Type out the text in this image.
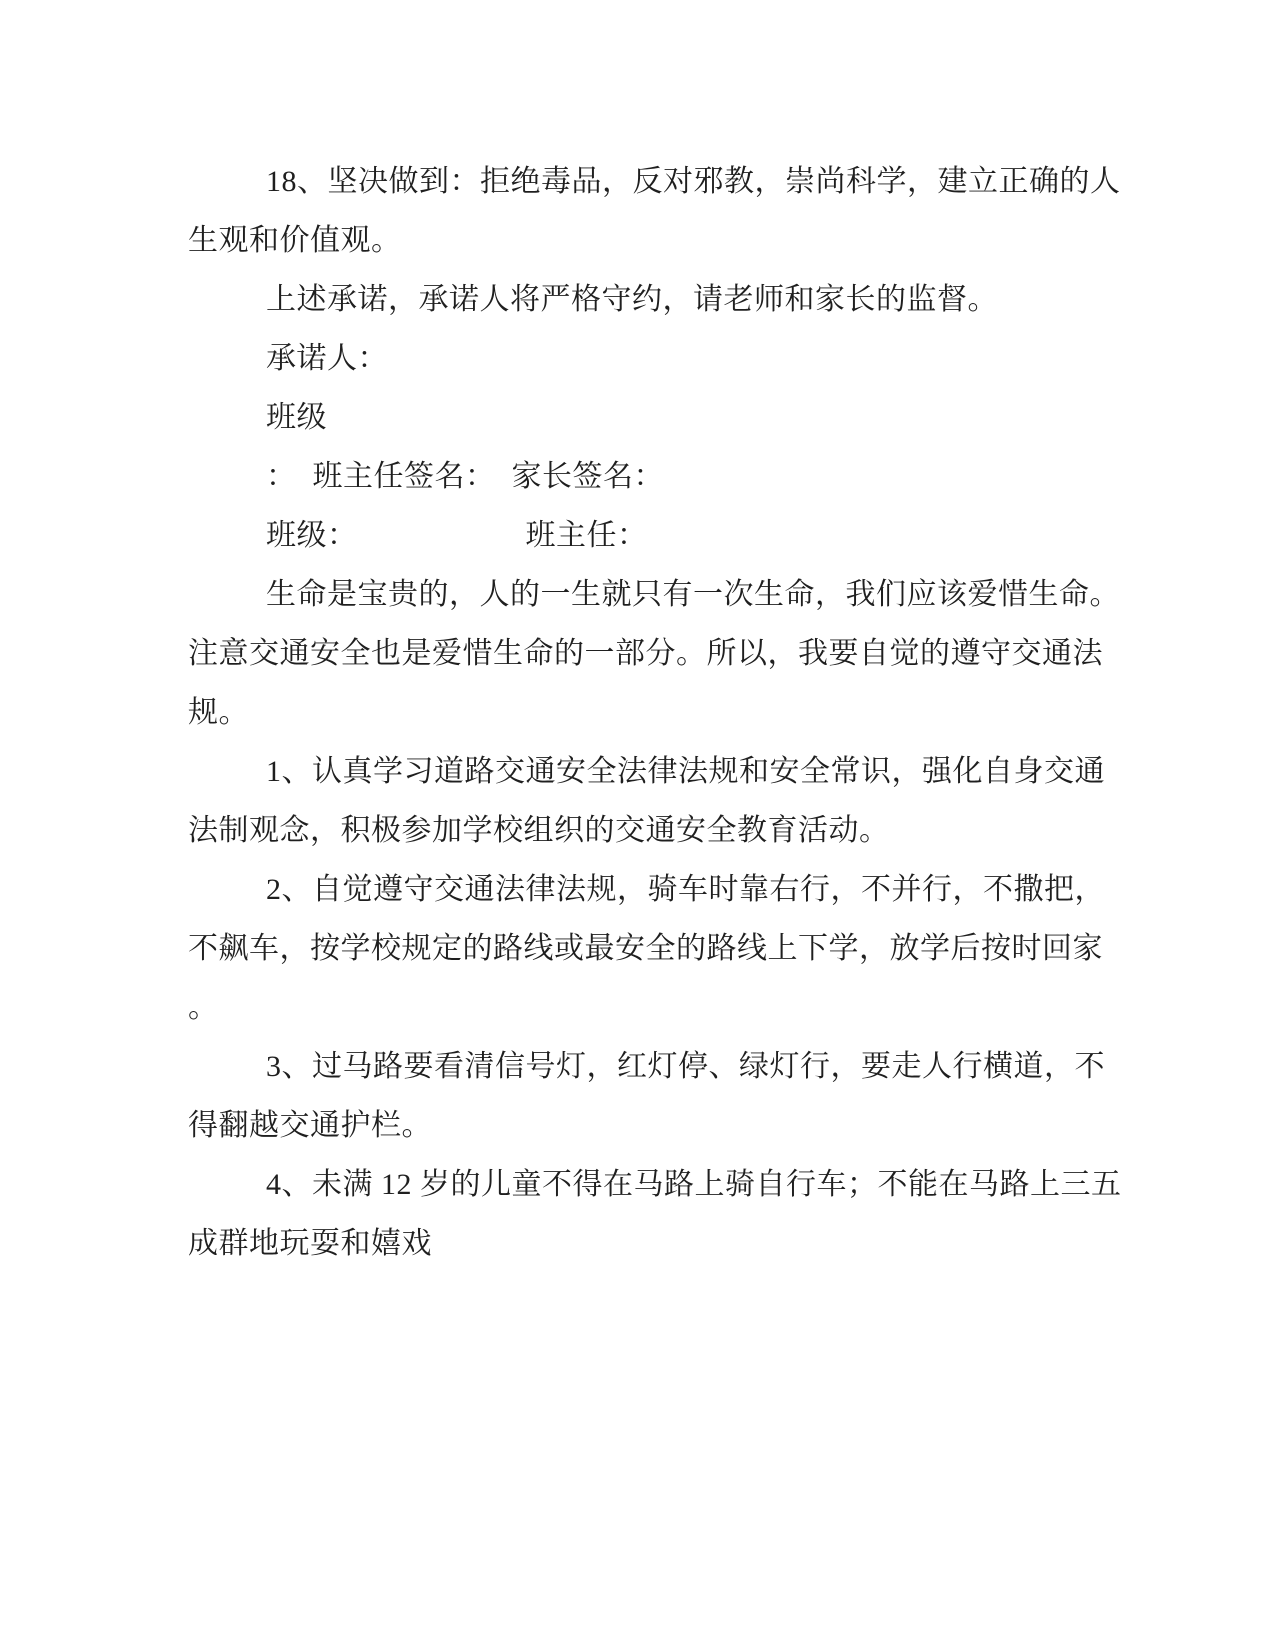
18、坚决做到：拒绝毒品，反对邪教，崇尚科学，建立正确的人
生观和价值观。
上述承诺，承诺人将严格守约，请老师和家长的监督。
承诺人：
班级
：  班主任签名：  家长签名：
班级：　　　　　　班主任：
生命是宝贵的，人的一生就只有一次生命，我们应该爱惜生命。
注意交通安全也是爱惜生命的一部分。所以，我要自觉的遵守交通法
规。
1、认真学习道路交通安全法律法规和安全常识，强化自身交通
法制观念，积极参加学校组织的交通安全教育活动。
2、自觉遵守交通法律法规，骑车时靠右行，不并行，不撒把，
不飙车，按学校规定的路线或最安全的路线上下学，放学后按时回家
。
3、过马路要看清信号灯，红灯停、绿灯行，要走人行横道，不
得翻越交通护栏。
4、未满 12 岁的儿童不得在马路上骑自行车；不能在马路上三五
成群地玩耍和嬉戏
